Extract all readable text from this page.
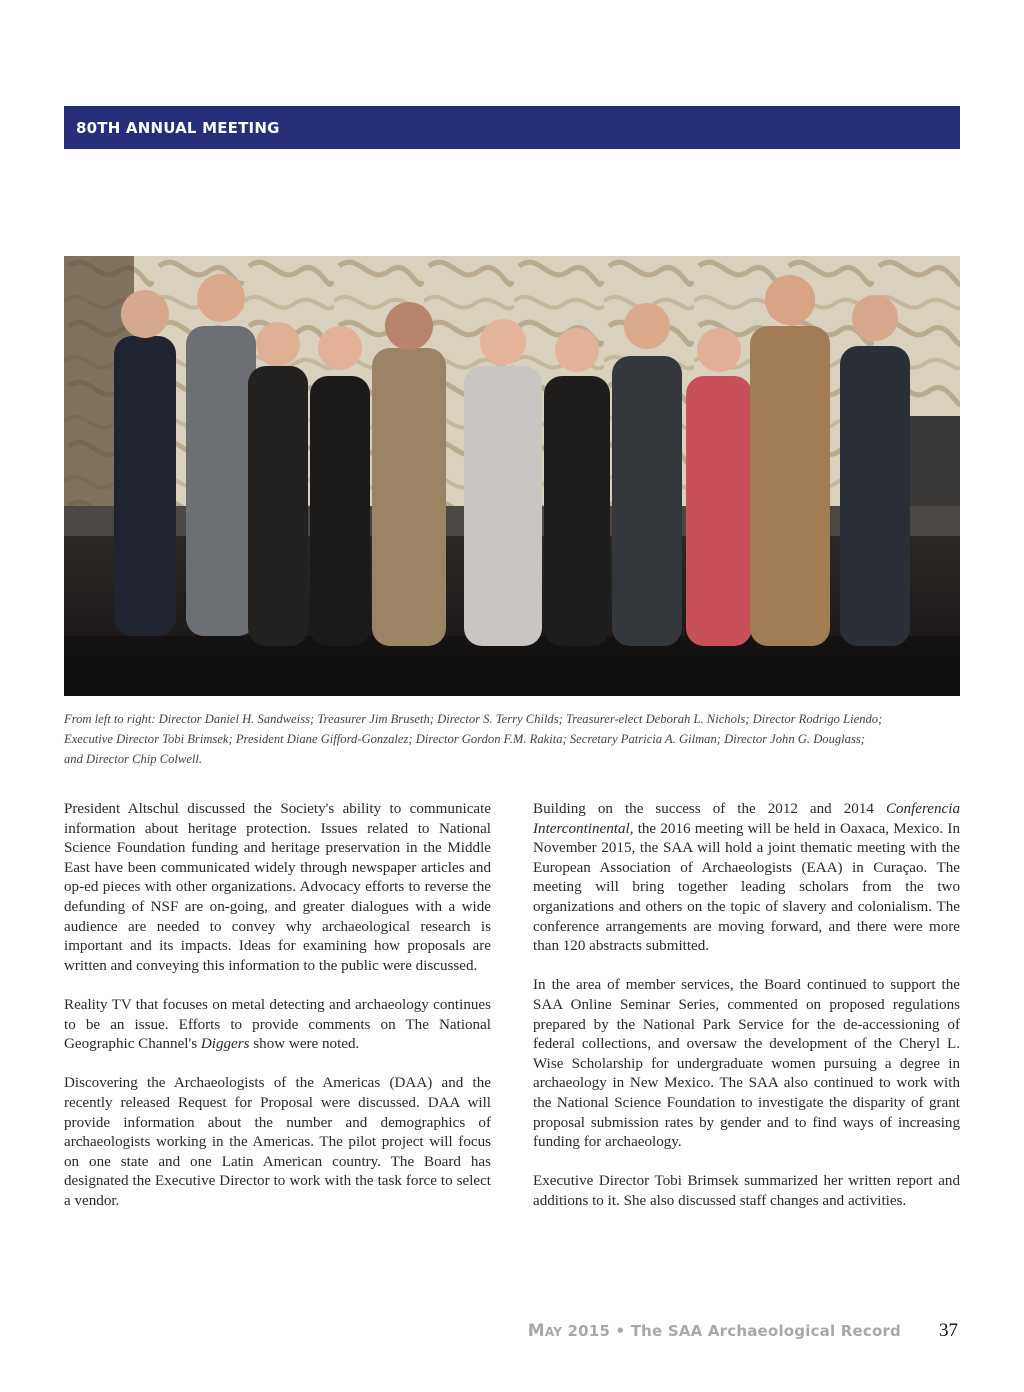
80TH ANNUAL MEETING
From left to right: Director Daniel H. Sandweiss; Treasurer Jim Bruseth; Director S. Terry Childs; Treasurer-elect Deborah L. Nichols; Director Rodrigo Liendo;
Executive Director Tobi Brimsek; President Diane Gifford-Gonzalez; Director Gordon F.M. Rakita; Secretary Patricia A. Gilman; Director John G. Douglass;
and Director Chip Colwell.

President Altschul discussed the Society's ability to communicate information about heritage protection. Issues related to National Science Foundation funding and heritage preservation in the Middle East have been communicated widely through newspaper articles and op-ed pieces with other organizations. Advocacy efforts to reverse the defunding of NSF are on-going, and greater dialogues with a wide audience are needed to convey why archaeological research is important and its impacts. Ideas for examining how proposals are written and conveying this information to the public were discussed.

Reality TV that focuses on metal detecting and archaeology continues to be an issue. Efforts to provide comments on The National Geographic Channel's Diggers show were noted.

Discovering the Archaeologists of the Americas (DAA) and the recently released Request for Proposal were discussed. DAA will provide information about the number and demographics of archaeologists working in the Americas. The pilot project will focus on one state and one Latin American country. The Board has designated the Executive Director to work with the task force to select a vendor.

Building on the success of the 2012 and 2014 Conferencia Intercontinental, the 2016 meeting will be held in Oaxaca, Mexico. In November 2015, the SAA will hold a joint thematic meeting with the European Association of Archaeologists (EAA) in Curaçao. The meeting will bring together leading scholars from the two organizations and others on the topic of slavery and colonialism. The conference arrangements are moving forward, and there were more than 120 abstracts submitted.

In the area of member services, the Board continued to support the SAA Online Seminar Series, commented on proposed regulations prepared by the National Park Service for the de-accessioning of federal collections, and oversaw the development of the Cheryl L. Wise Scholarship for undergraduate women pursuing a degree in archaeology in New Mexico. The SAA also continued to work with the National Science Foundation to investigate the disparity of grant proposal submission rates by gender and to find ways of increasing funding for archaeology.

Executive Director Tobi Brimsek summarized her written report and additions to it. She also discussed staff changes and activities.

May 2015 • The SAA Archaeological Record 37
